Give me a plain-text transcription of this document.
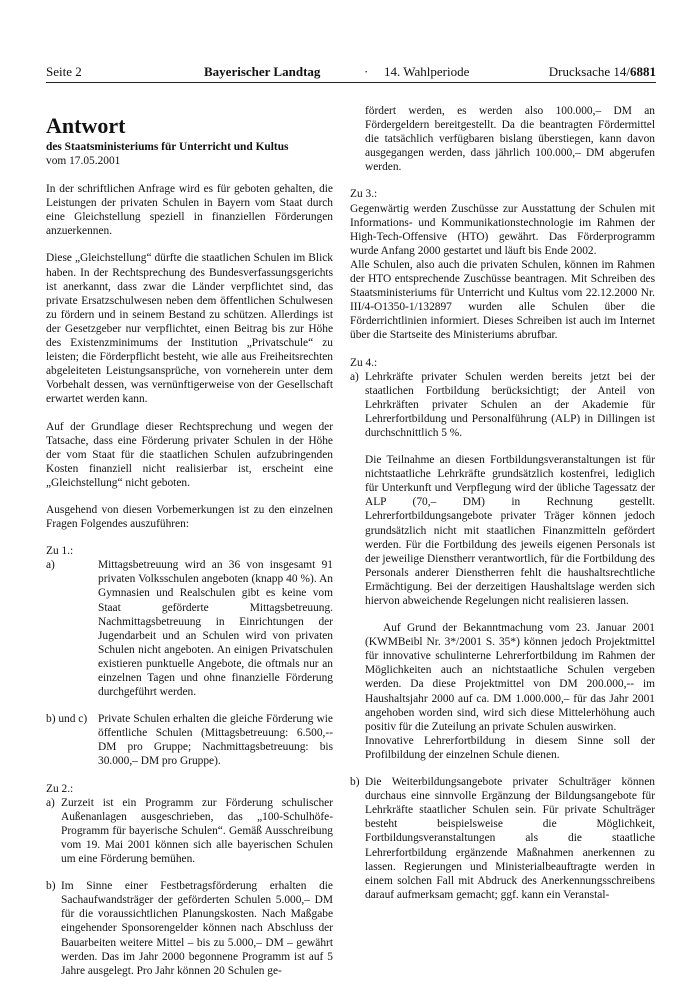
Seite 2	Bayerischer Landtag	· 14. Wahlperiode	Drucksache 14/6881
Antwort
des Staatsministeriums für Unterricht und Kultus
vom 17.05.2001

In der schriftlichen Anfrage wird es für geboten gehalten, die Leistungen der privaten Schulen in Bayern vom Staat durch eine Gleichstellung speziell in finanziellen Förderungen anzuerkennen.

Diese „Gleichstellung“ dürfte die staatlichen Schulen im Blick haben. In der Rechtsprechung des Bundesverfassungsgerichts ist anerkannt, dass zwar die Länder verpflichtet sind, das private Ersatzschulwesen neben dem öffentlichen Schulwesen zu fördern und in seinem Bestand zu schützen. Allerdings ist der Gesetzgeber nur verpflichtet, einen Beitrag bis zur Höhe des Existenzminimums der Institution „Privatschule“ zu leisten; die Förderpflicht besteht, wie alle aus Freiheitsrechten abgeleiteten Leistungsansprüche, von vorneherein unter dem Vorbehalt dessen, was vernünftigerweise von der Gesellschaft erwartet werden kann.

Auf der Grundlage dieser Rechtsprechung und wegen der Tatsache, dass eine Förderung privater Schulen in der Höhe der vom Staat für die staatlichen Schulen aufzubringenden Kosten finanziell nicht realisierbar ist, erscheint eine „Gleichstellung“ nicht geboten.

Ausgehend von diesen Vorbemerkungen ist zu den einzelnen Fragen Folgendes auszuführen:

Zu 1.:
a)	Mittagsbetreuung wird an 36 von insgesamt 91 privaten Volksschulen angeboten (knapp 40 %). An Gymnasien und Realschulen gibt es keine vom Staat geförderte Mittagsbetreuung. Nachmittagsbetreuung in Einrichtungen der Jugendarbeit und an Schulen wird von privaten Schulen nicht angeboten. An einigen Privatschulen existieren punktuelle Angebote, die oftmals nur an einzelnen Tagen und ohne finanzielle Förderung durchgeführt werden.
b) und c) Private Schulen erhalten die gleiche Förderung wie öffentliche Schulen (Mittagsbetreuung: 6.500,-- DM pro Gruppe; Nachmittagsbetreuung: bis 30.000,– DM pro Gruppe).
Zu 2.:
a) Zurzeit ist ein Programm zur Förderung schulischer Außenanlagen ausgeschrieben, das „100-Schulhöfe-Programm für bayerische Schulen“. Gemäß Ausschreibung vom 19. Mai 2001 können sich alle bayerischen Schulen um eine Förderung bemühen.
b) Im Sinne einer Festbetragsförderung erhalten die Sachaufwandsträger der geförderten Schulen 5.000,– DM für die voraussichtlichen Planungskosten. Nach Maßgabe eingehender Sponsorengelder können nach Abschluss der Bauarbeiten weitere Mittel – bis zu 5.000,– DM – gewährt werden. Das im Jahr 2000 begonnene Programm ist auf 5 Jahre ausgelegt. Pro Jahr können 20 Schulen ge-

fördert werden, es werden also 100.000,– DM an Fördergeldern bereitgestellt. Da die beantragten Fördermittel die tatsächlich verfügbaren bislang überstiegen, kann davon ausgegangen werden, dass jährlich 100.000,– DM abgerufen werden.

Zu 3.:
Gegenwärtig werden Zuschüsse zur Ausstattung der Schulen mit Informations- und Kommunikationstechnologie im Rahmen der High-Tech-Offensive (HTO) gewährt. Das Förderprogramm wurde Anfang 2000 gestartet und läuft bis Ende 2002.

Alle Schulen, also auch die privaten Schulen, können im Rahmen der HTO entsprechende Zuschüsse beantragen. Mit Schreiben des Staatsministeriums für Unterricht und Kultus vom 22.12.2000 Nr. III/4-O1350-1/132897 wurden alle Schulen über die Förderrichtlinien informiert. Dieses Schreiben ist auch im Internet über die Startseite des Ministeriums abrufbar.

Zu 4.:
a) Lehrkräfte privater Schulen werden bereits jetzt bei der staatlichen Fortbildung berücksichtigt; der Anteil von Lehrkräften privater Schulen an der Akademie für Lehrerfortbildung und Personalführung (ALP) in Dillingen ist durchschnittlich 5 %.

Die Teilnahme an diesen Fortbildungsveranstaltungen ist für nichtstaatliche Lehrkräfte grundsätzlich kostenfrei, lediglich für Unterkunft und Verpflegung wird der übliche Tagessatz der ALP (70,– DM) in Rechnung gestellt. Lehrerfortbildungsangebote privater Träger können jedoch grundsätzlich nicht mit staatlichen Finanzmitteln gefördert werden. Für die Fortbildung des jeweils eigenen Personals ist der jeweilige Dienstherr verantwortlich, für die Fortbildung des Personals anderer Dienstherren fehlt die haushaltsrechtliche Ermächtigung. Bei der derzeitigen Haushaltslage werden sich hiervon abweichende Regelungen nicht realisieren lassen.

Auf Grund der Bekanntmachung vom 23. Januar 2001 (KWMBeibl Nr. 3*/2001 S. 35*) können jedoch Projektmittel für innovative schulinterne Lehrerfortbildung im Rahmen der Möglichkeiten auch an nichtstaatliche Schulen vergeben werden. Da diese Projektmittel von DM 200.000,-- im Haushaltsjahr 2000 auf ca. DM 1.000.000,– für das Jahr 2001 angehoben worden sind, wird sich diese Mittelerhöhung auch positiv für die Zuteilung an private Schulen auswirken.

Innovative Lehrerfortbildung in diesem Sinne soll der Profilbildung der einzelnen Schule dienen.

b) Die Weiterbildungsangebote privater Schulträger können durchaus eine sinnvolle Ergänzung der Bildungsangebote für Lehrkräfte staatlicher Schulen sein. Für private Schulträger besteht beispielsweise die Möglichkeit, Fortbildungsveranstaltungen als die staatliche Lehrerfortbildung ergänzende Maßnahmen anerkennen zu lassen. Regierungen und Ministerialbeauftragte werden in einem solchen Fall mit Abdruck des Anerkennungsschreibens darauf aufmerksam gemacht; ggf. kann ein Veranstal-
